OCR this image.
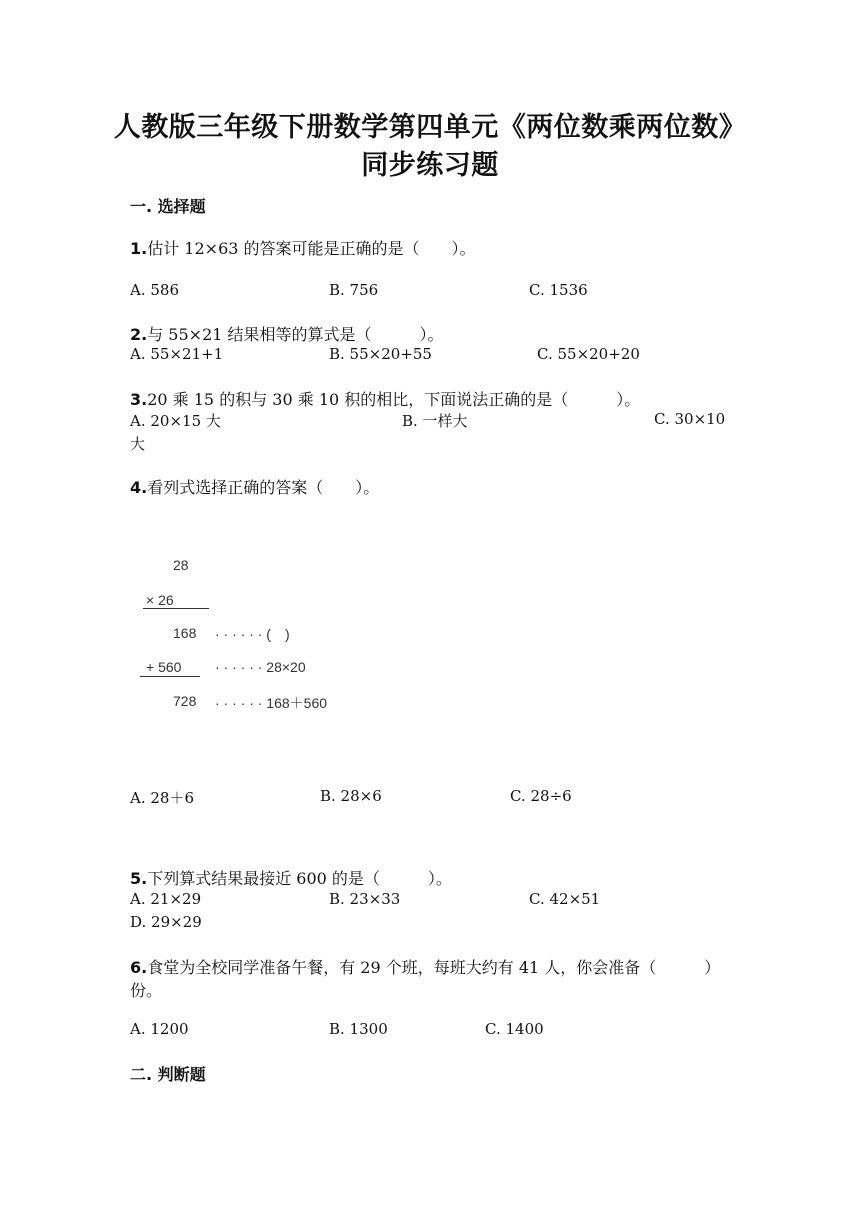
人教版三年级下册数学第四单元《两位数乘两位数》
同步练习题
一. 选择题
1.估计 12×63 的答案可能是正确的是（　　）。
A. 586	B. 756	C. 1536
2.与 55×21 结果相等的算式是（　　　）。
A. 55×21+1	B. 55×20+55	C. 55×20+20
3.20 乘 15 的积与 30 乘 10 积的相比，下面说法正确的是（　　　）。
A. 20×15 大	B. 一样大	C. 30×10
大
4.看列式选择正确的答案（　　）。
28
× 26
168 · · · · · · (　)
+ 560 · · · · · · 28×20
728 · · · · · · 168＋560
A. 28＋6	B. 28×6	C. 28÷6
5.下列算式结果最接近 600 的是（　　　）。
A. 21×29	B. 23×33	C. 42×51
D. 29×29
6.食堂为全校同学准备午餐，有 29 个班，每班大约有 41 人，你会准备（　　　）
份。
A. 1200	B. 1300	C. 1400
二. 判断题
